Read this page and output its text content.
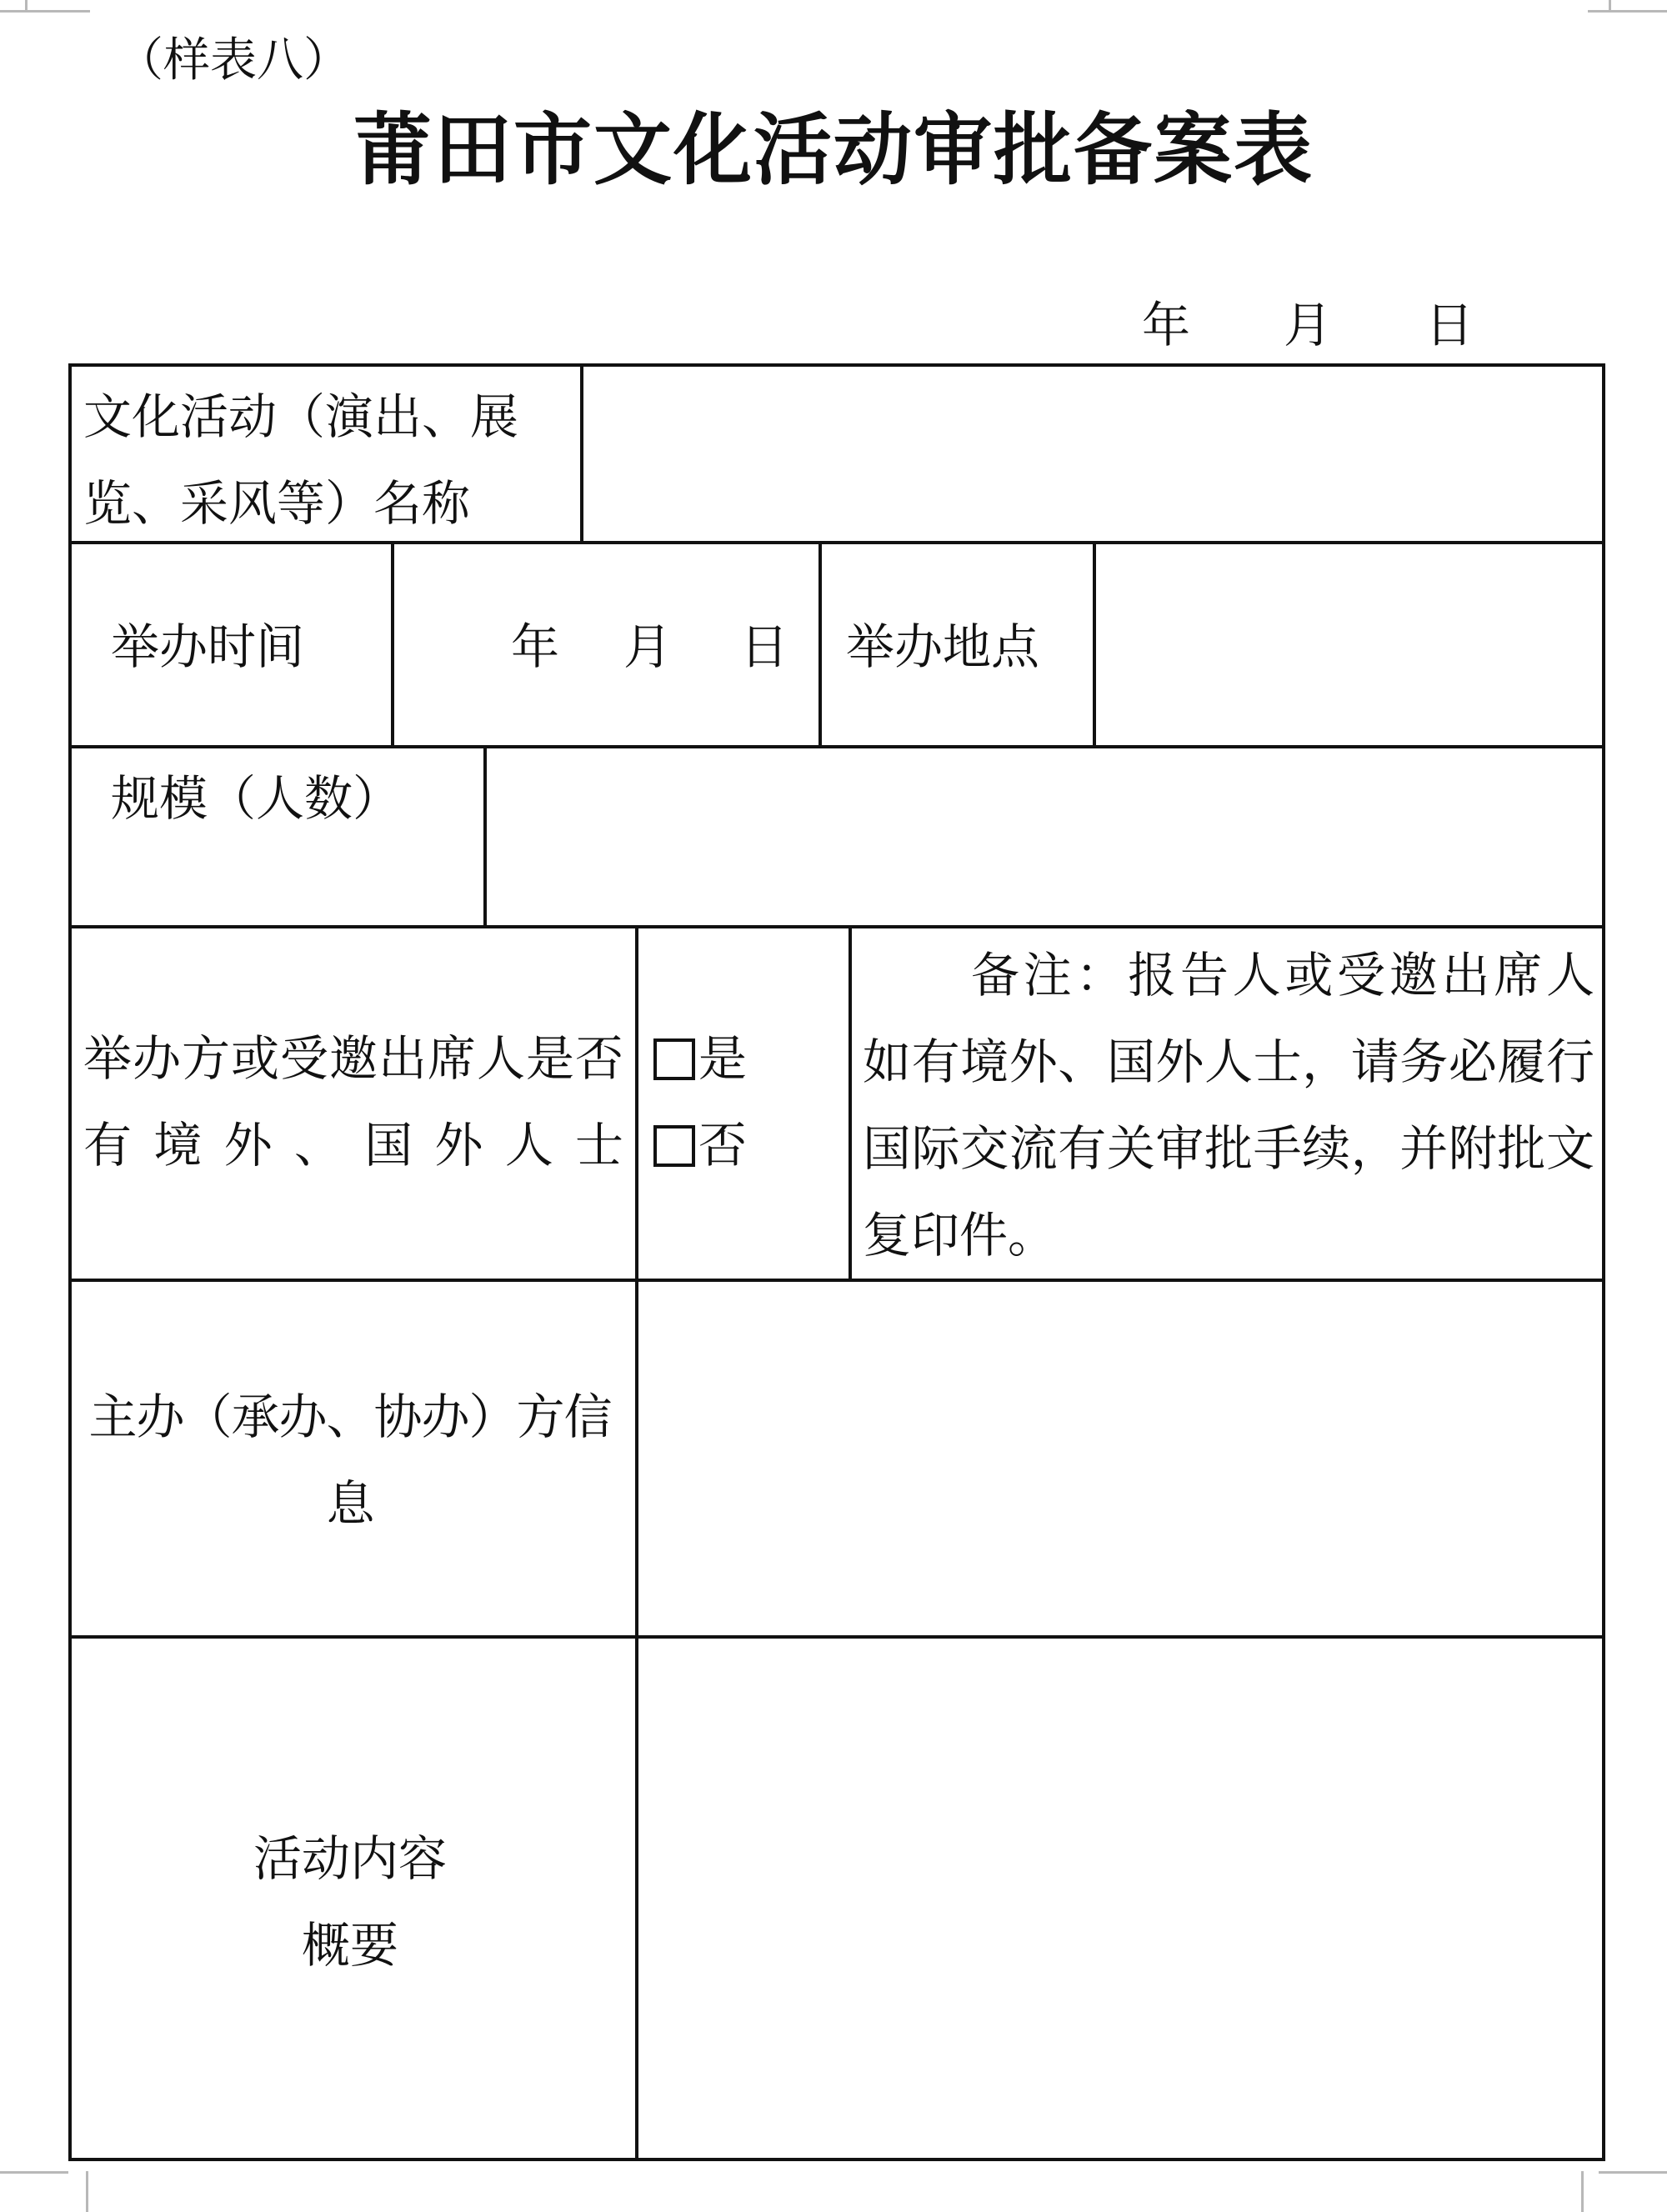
（样表八）
莆田市文化活动审批备案表
年 月 日
文化活动（演出、展览、采风等）名称
举办时间	年 月 日 举办地点
规模（人数）
举办方或受邀出席人是否有境外、国外人士
是
否
备注：报告人或受邀出席人如有境外、国外人士，请务必履行国际交流有关审批手续，并附批文复印件。
主办（承办、协办）方信息
活动内容
概要
